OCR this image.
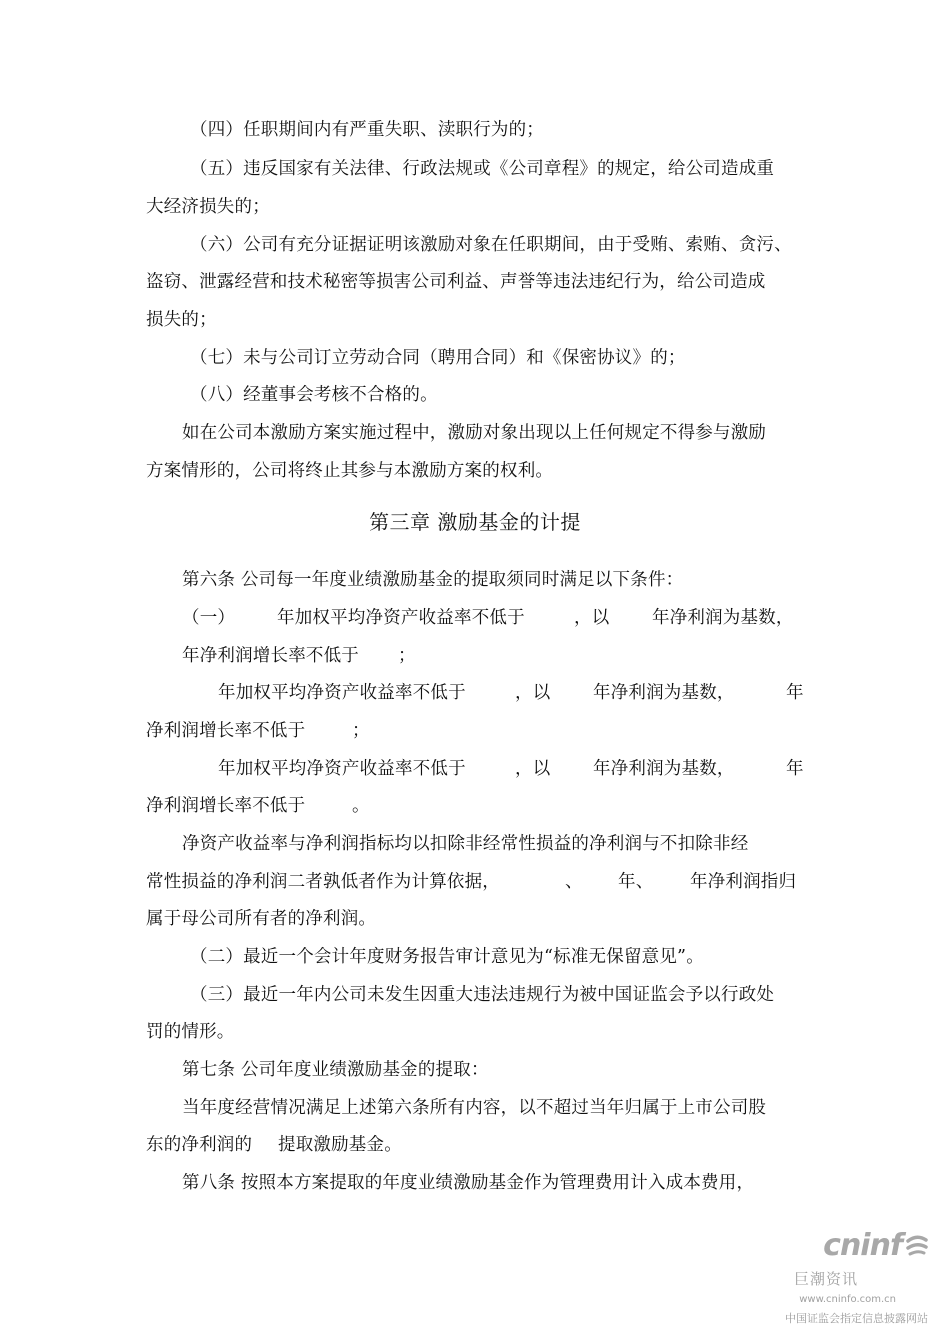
（四）任职期间内有严重失职、渎职行为的；
（五）违反国家有关法律、行政法规或《公司章程》的规定，给公司造成重
大经济损失的；
（六）公司有充分证据证明该激励对象在任职期间，由于受贿、索贿、贪污、
盗窃、泄露经营和技术秘密等损害公司利益、声誉等违法违纪行为，给公司造成
损失的；
（七）未与公司订立劳动合同（聘用合同）和《保密协议》的；
（八）经董事会考核不合格的。
如在公司本激励方案实施过程中，激励对象出现以上任何规定不得参与激励
方案情形的，公司将终止其参与本激励方案的权利。
第三章 激励基金的计提
第六条 公司每一年度业绩激励基金的提取须同时满足以下条件：
（一） 年加权平均净资产收益率不低于	，以 年净利润为基数，
年净利润增长率不低于 ；
年加权平均净资产收益率不低于	，以 年净利润为基数，	年
净利润增长率不低于	；
年加权平均净资产收益率不低于	，以 年净利润为基数，	年
净利润增长率不低于	。
净资产收益率与净利润指标均以扣除非经常性损益的净利润与不扣除非经
常性损益的净利润二者孰低者作为计算依据，	、 年、 年净利润指归
属于母公司所有者的净利润。
（二）最近一个会计年度财务报告审计意见为“标准无保留意见”。
（三）最近一年内公司未发生因重大违法违规行为被中国证监会予以行政处
罚的情形。
第七条 公司年度业绩激励基金的提取：
当年度经营情况满足上述第六条所有内容，以不超过当年归属于上市公司股
东的净利润的 提取激励基金。
第八条 按照本方案提取的年度业绩激励基金作为管理费用计入成本费用，
cninf
巨潮资讯
www.cninfo.com.cn
中国证监会指定信息披露网站
